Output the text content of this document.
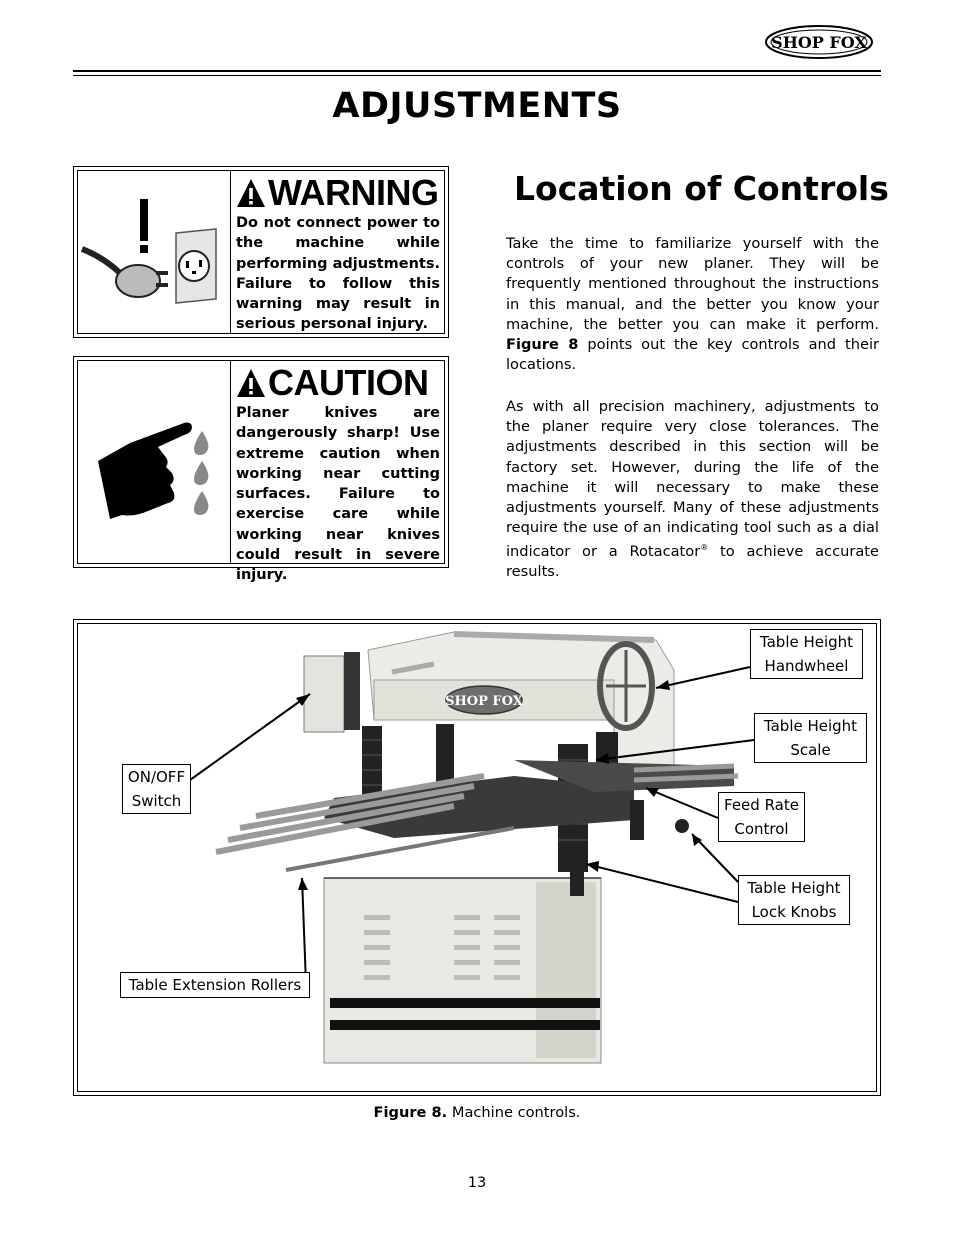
SHOP FOX
ADJUSTMENTS
WARNING

Do not connect power to the machine while performing adjustments. Failure to follow this warning may result in serious personal injury.

CAUTION

Planer knives are dangerously sharp! Use extreme caution when working near cutting surfaces. Failure to exercise care while working near knives could result in severe injury.

Location of Controls

Take the time to familiarize yourself with the controls of your new planer. They will be frequently mentioned throughout the instructions in this manual, and the better you know your machine, the better you can make it perform. Figure 8 points out the key controls and their locations.

As with all precision machinery, adjustments to the planer require very close tolerances. The adjustments described in this section will be factory set. However, during the life of the machine it will necessary to make these adjustments yourself. Many of these adjustments require the use of an indicating tool such as a dial indicator or a Rotacator® to achieve accurate results.

SHOP FOX
Table Height
Handwheel
Table Height
Scale
ON/OFF
Switch	Feed Rate
Control
Table Height
Lock Knobs
Table Extension Rollers
Figure 8. Machine controls.
13
